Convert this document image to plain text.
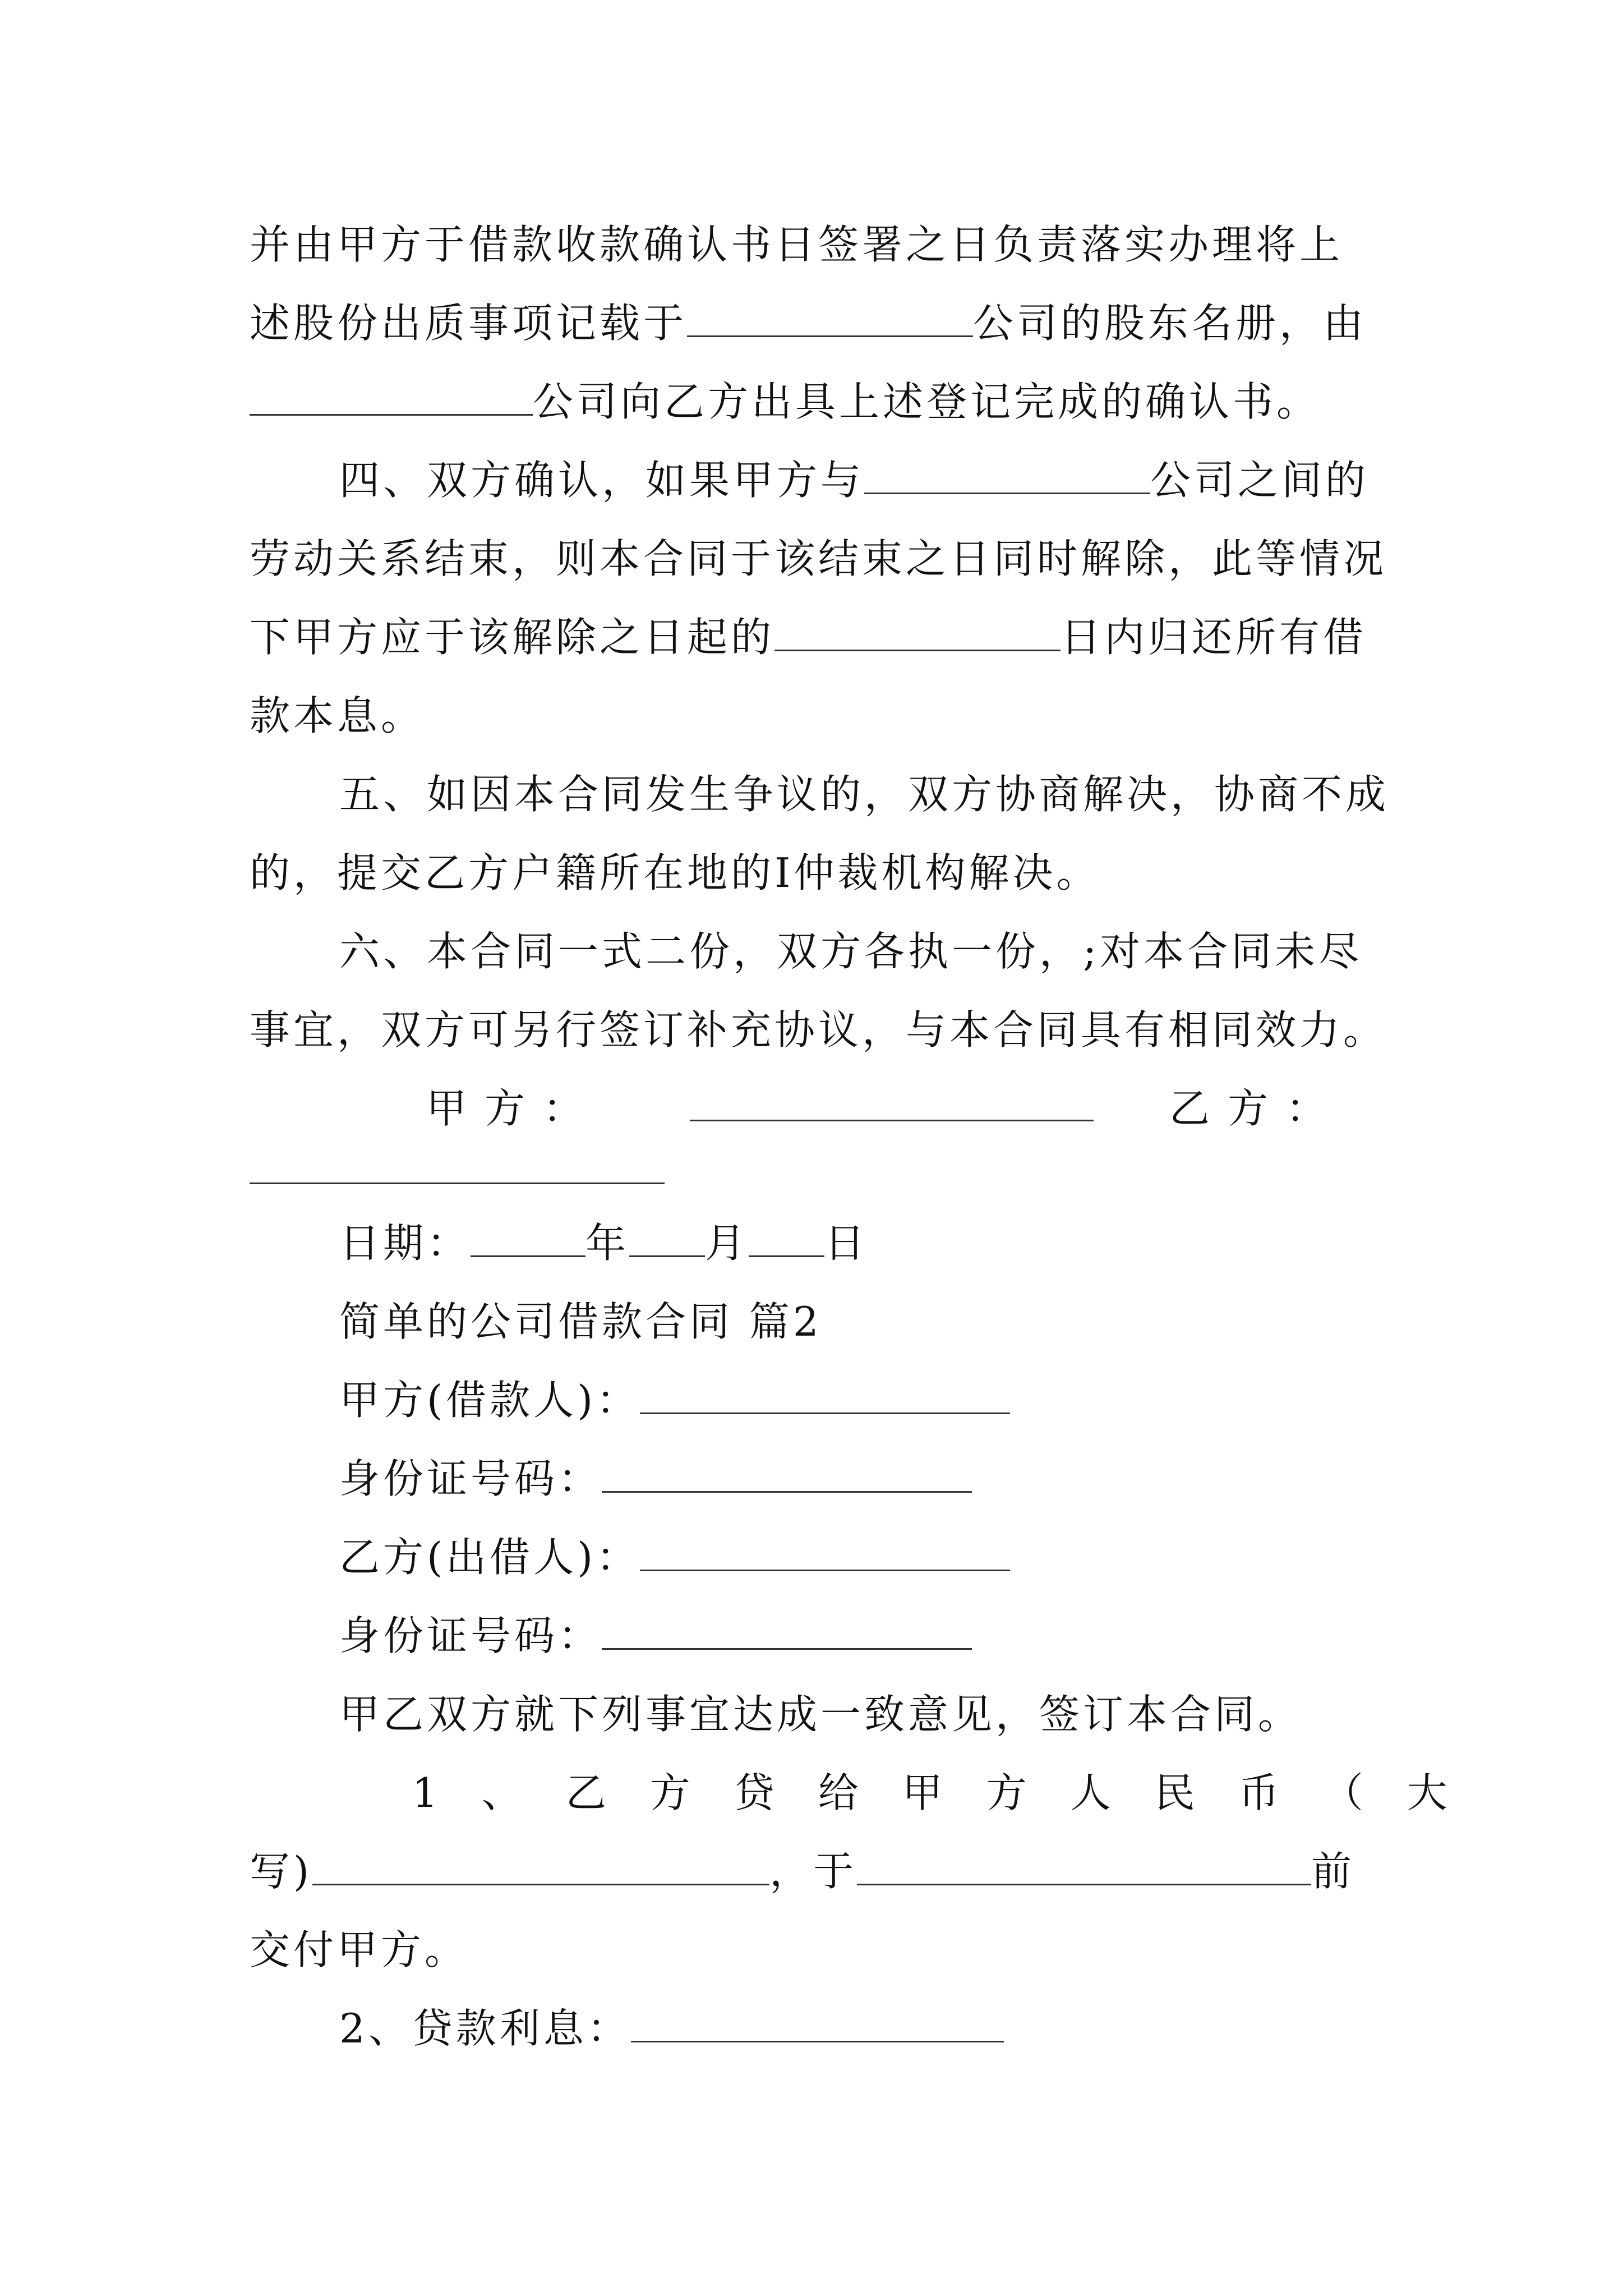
并由甲方于借款收款确认书日签署之日负责落实办理将上
述股份出质事项记载于	公司的股东名册，由
公司向乙方出具上述登记完成的确认书。
四、双方确认，如果甲方与	公司之间的
劳动关系结束，则本合同于该结束之日同时解除，此等情况
下甲方应于该解除之日起的	日内归还所有借
款本息。
五、如因本合同发生争议的，双方协商解决，协商不成
的，提交乙方户籍所在地的Ⅰ仲裁机构解决。
六、本合同一式二份，双方各执一份，;对本合同未尽
事宜，双方可另行签订补充协议，与本合同具有相同效力。
甲方：	乙方：
日期：	年 月 日
简单的公司借款合同 篇2
甲方(借款人)：
身份证号码：
乙方(出借人)：
身份证号码：
甲乙双方就下列事宜达成一致意见，签订本合同。
1、乙方贷给甲方人民币（大
写)	，于	前
交付甲方。
2、贷款利息：
